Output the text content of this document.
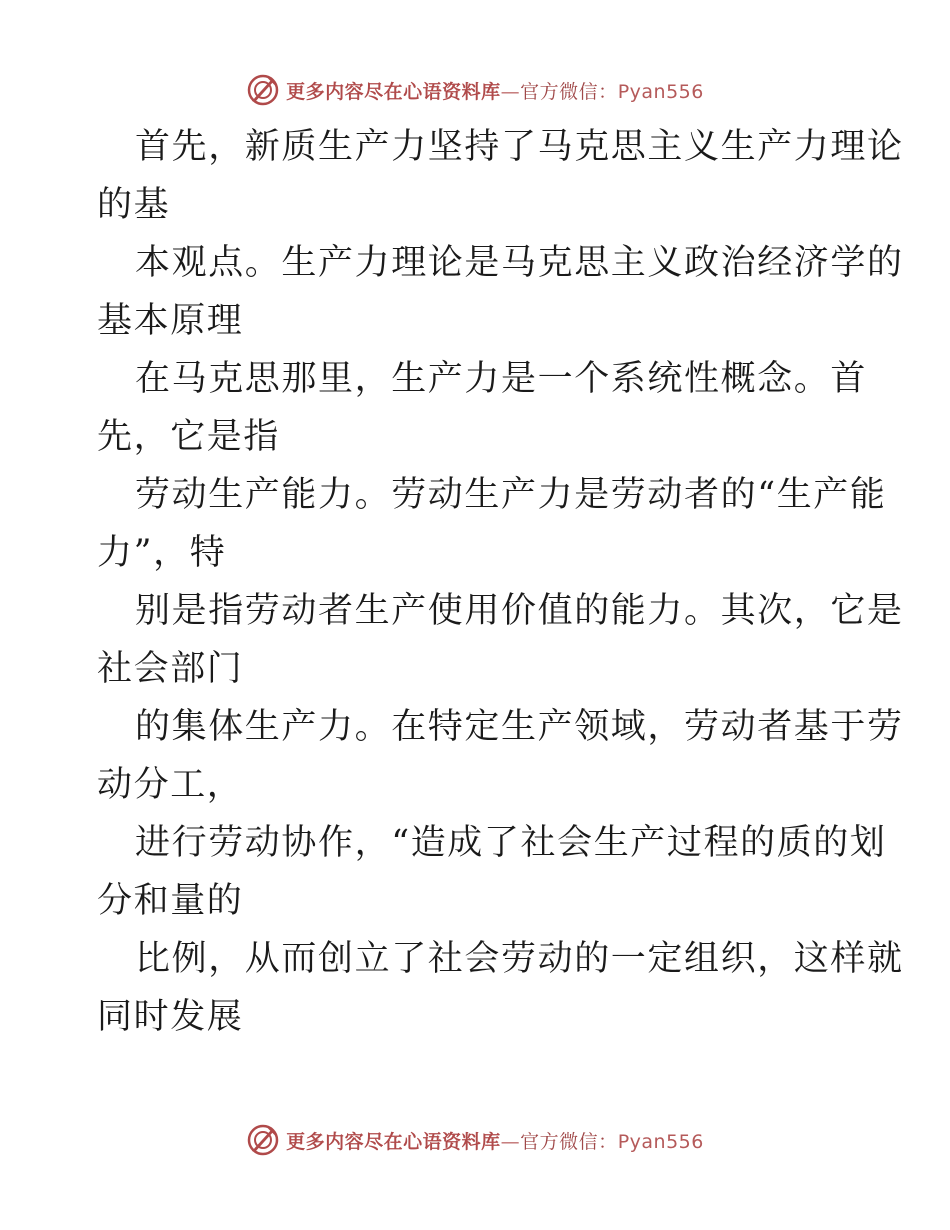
更多内容尽在心语资料库—官方微信：Pyan556
首先，新质生产力坚持了马克思主义生产力理论
的基
本观点。生产力理论是马克思主义政治经济学的
基本原理
在马克思那里，生产力是一个系统性概念。首
先，它是指
劳动生产能力。劳动生产力是劳动者的“生产能
力”，特
别是指劳动者生产使用价值的能力。其次，它是
社会部门
的集体生产力。在特定生产领域，劳动者基于劳
动分工，
进行劳动协作，“造成了社会生产过程的质的划
分和量的
比例，从而创立了社会劳动的一定组织，这样就
同时发展
更多内容尽在心语资料库—官方微信：Pyan556
